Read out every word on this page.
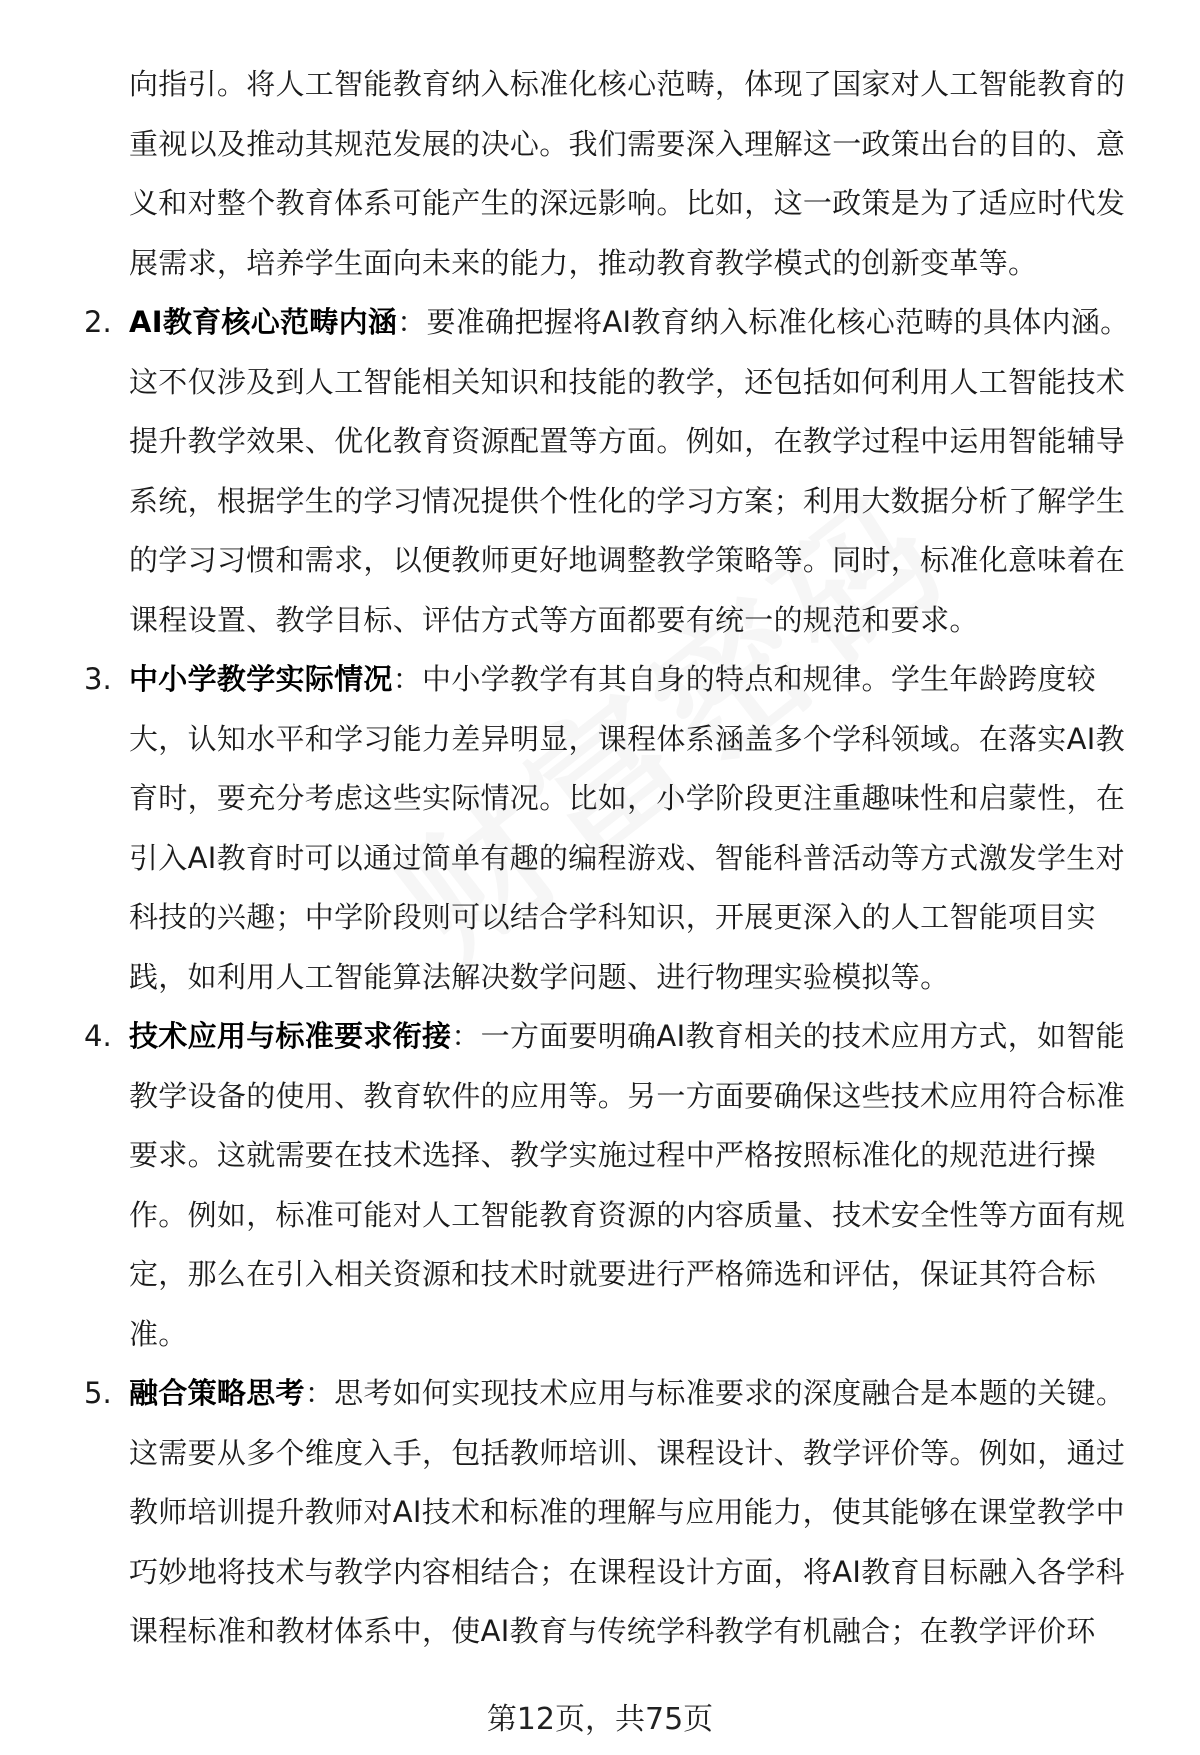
向指引。将人工智能教育纳入标准化核心范畴，体现了国家对人工智能教育的重视以及推动其规范发展的决心。我们需要深入理解这一政策出台的目的、意义和对整个教育体系可能产生的深远影响。比如，这一政策是为了适应时代发展需求，培养学生面向未来的能力，推动教育教学模式的创新变革等。

2. AI教育核心范畴内涵：要准确把握将AI教育纳入标准化核心范畴的具体内涵。这不仅涉及到人工智能相关知识和技能的教学，还包括如何利用人工智能技术提升教学效果、优化教育资源配置等方面。例如，在教学过程中运用智能辅导系统，根据学生的学习情况提供个性化的学习方案；利用大数据分析了解学生的学习习惯和需求，以便教师更好地调整教学策略等。同时，标准化意味着在课程设置、教学目标、评估方式等方面都要有统一的规范和要求。

3. 中小学教学实际情况：中小学教学有其自身的特点和规律。学生年龄跨度较大，认知水平和学习能力差异明显，课程体系涵盖多个学科领域。在落实AI教育时，要充分考虑这些实际情况。比如，小学阶段更注重趣味性和启蒙性，在引入AI教育时可以通过简单有趣的编程游戏、智能科普活动等方式激发学生对科技的兴趣；中学阶段则可以结合学科知识，开展更深入的人工智能项目实践，如利用人工智能算法解决数学问题、进行物理实验模拟等。

4. 技术应用与标准要求衔接：一方面要明确AI教育相关的技术应用方式，如智能教学设备的使用、教育软件的应用等。另一方面要确保这些技术应用符合标准要求。这就需要在技术选择、教学实施过程中严格按照标准化的规范进行操作。例如，标准可能对人工智能教育资源的内容质量、技术安全性等方面有规定，那么在引入相关资源和技术时就要进行严格筛选和评估，保证其符合标准。

5. 融合策略思考：思考如何实现技术应用与标准要求的深度融合是本题的关键。这需要从多个维度入手，包括教师培训、课程设计、教学评价等。例如，通过教师培训提升教师对AI技术和标准的理解与应用能力，使其能够在课堂教学中巧妙地将技术与教学内容相结合；在课程设计方面，将AI教育目标融入各学科课程标准和教材体系中，使AI教育与传统学科教学有机融合；在教学评价环

第12页，共75页
